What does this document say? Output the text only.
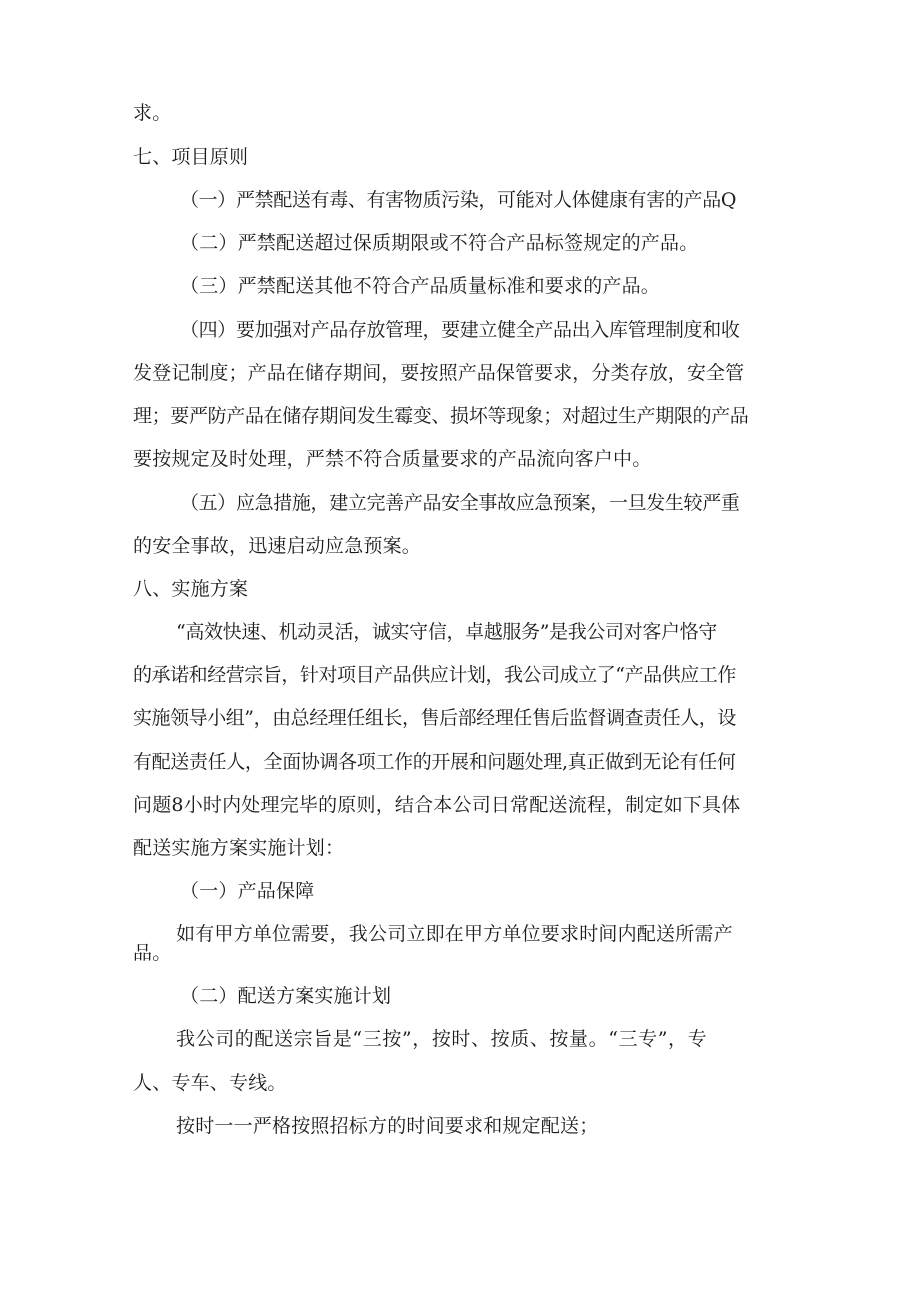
求。
七、项目原则
（一）严禁配送有毒、有害物质污染，可能对人体健康有害的产品Q
（二）严禁配送超过保质期限或不符合产品标签规定的产品。
（三）严禁配送其他不符合产品质量标准和要求的产品。
（四）要加强对产品存放管理，要建立健全产品出入库管理制度和收
发登记制度；产品在储存期间，要按照产品保管要求，分类存放，安全管
理；要严防产品在储存期间发生霉变、损坏等现象；对超过生产期限的产品
要按规定及时处理，严禁不符合质量要求的产品流向客户中。
（五）应急措施，建立完善产品安全事故应急预案，一旦发生较严重
的安全事故，迅速启动应急预案。
八、实施方案
“高效快速、机动灵活，诚实守信，卓越服务”是我公司对客户恪守
的承诺和经营宗旨，针对项目产品供应计划，我公司成立了“产品供应工作
实施领导小组”，由总经理任组长，售后部经理任售后监督调查责任人，设
有配送责任人，全面协调各项工作的开展和问题处理,真正做到无论有任何
问题8小时内处理完毕的原则，结合本公司日常配送流程，制定如下具体
配送实施方案实施计划：
（一）产品保障
如有甲方单位需要，我公司立即在甲方单位要求时间内配送所需产
品。
（二）配送方案实施计划
我公司的配送宗旨是“三按”，按时、按质、按量。“三专”，专
人、专车、专线。
按时一一严格按照招标方的时间要求和规定配送；
